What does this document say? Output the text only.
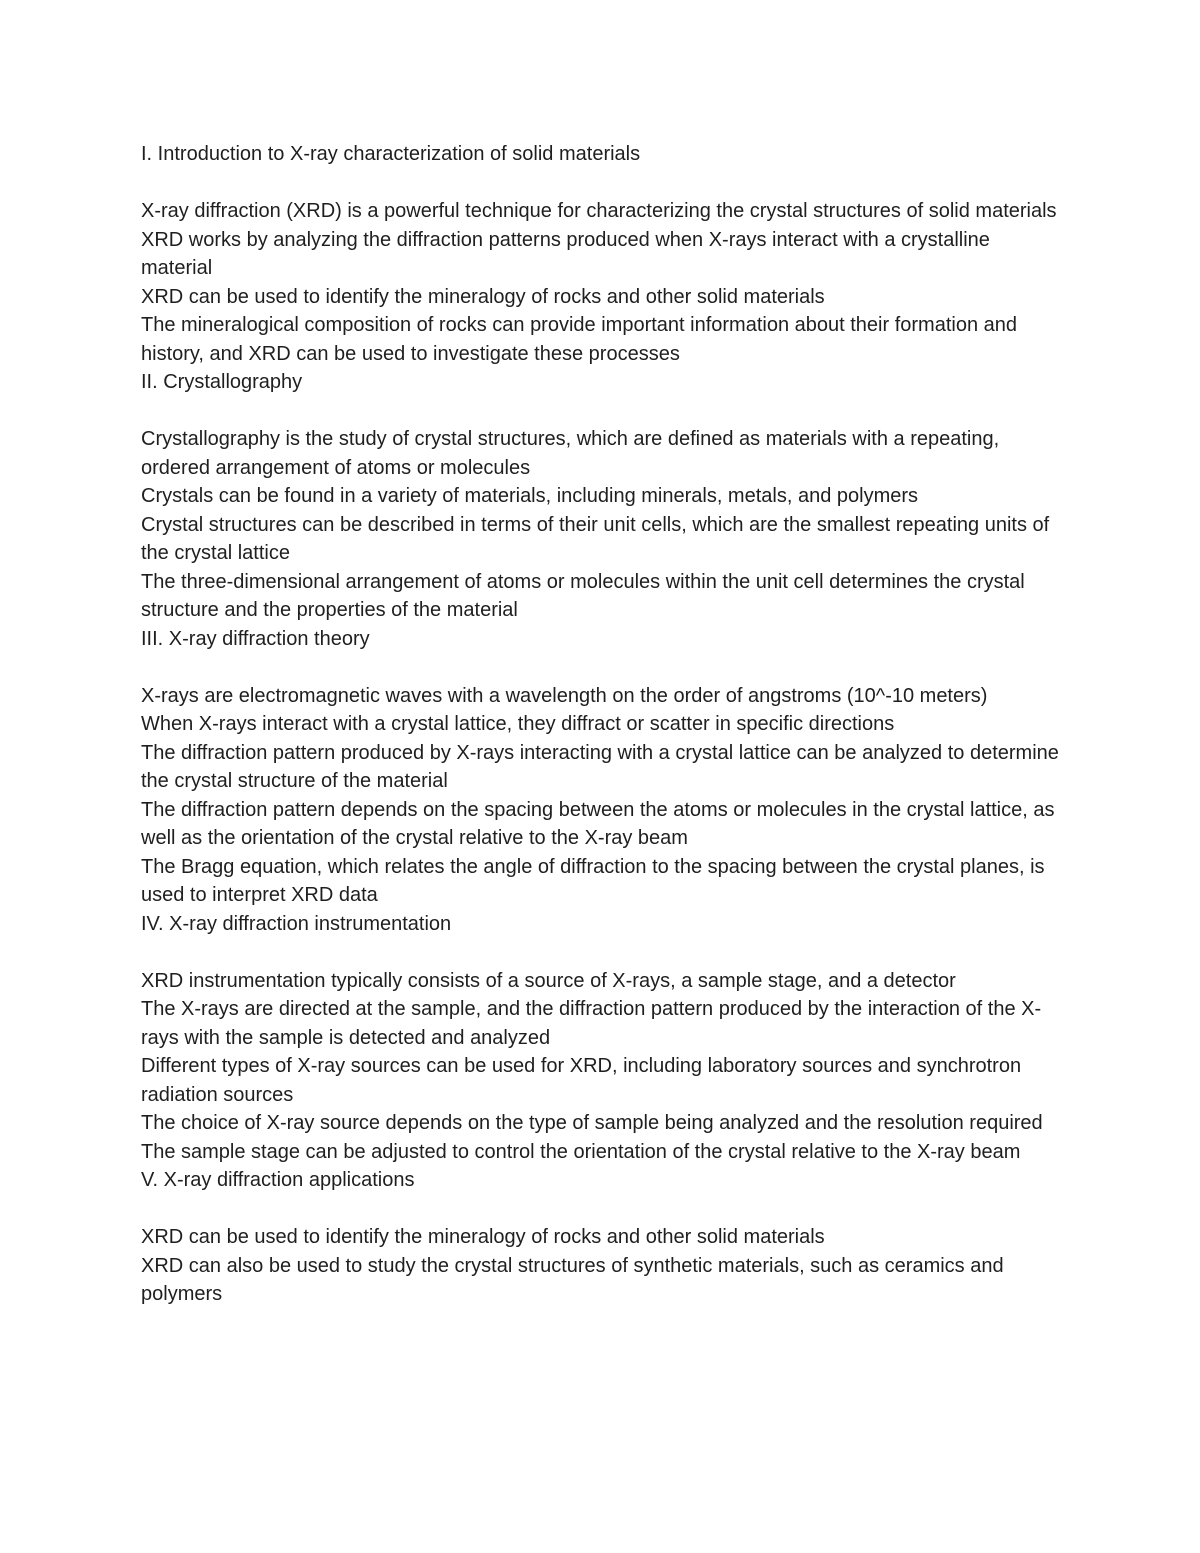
I. Introduction to X-ray characterization of solid materials

X-ray diffraction (XRD) is a powerful technique for characterizing the crystal structures of solid materials

XRD works by analyzing the diffraction patterns produced when X-rays interact with a crystalline material

XRD can be used to identify the mineralogy of rocks and other solid materials

The mineralogical composition of rocks can provide important information about their formation and history, and XRD can be used to investigate these processes

II. Crystallography

Crystallography is the study of crystal structures, which are defined as materials with a repeating, ordered arrangement of atoms or molecules

Crystals can be found in a variety of materials, including minerals, metals, and polymers

Crystal structures can be described in terms of their unit cells, which are the smallest repeating units of the crystal lattice

The three-dimensional arrangement of atoms or molecules within the unit cell determines the crystal structure and the properties of the material

III. X-ray diffraction theory

X-rays are electromagnetic waves with a wavelength on the order of angstroms (10^-10 meters)

When X-rays interact with a crystal lattice, they diffract or scatter in specific directions

The diffraction pattern produced by X-rays interacting with a crystal lattice can be analyzed to determine the crystal structure of the material

The diffraction pattern depends on the spacing between the atoms or molecules in the crystal lattice, as well as the orientation of the crystal relative to the X-ray beam

The Bragg equation, which relates the angle of diffraction to the spacing between the crystal planes, is used to interpret XRD data

IV. X-ray diffraction instrumentation

XRD instrumentation typically consists of a source of X-rays, a sample stage, and a detector

The X-rays are directed at the sample, and the diffraction pattern produced by the interaction of the X-rays with the sample is detected and analyzed

Different types of X-ray sources can be used for XRD, including laboratory sources and synchrotron radiation sources

The choice of X-ray source depends on the type of sample being analyzed and the resolution required

The sample stage can be adjusted to control the orientation of the crystal relative to the X-ray beam

V. X-ray diffraction applications

XRD can be used to identify the mineralogy of rocks and other solid materials

XRD can also be used to study the crystal structures of synthetic materials, such as ceramics and polymers
